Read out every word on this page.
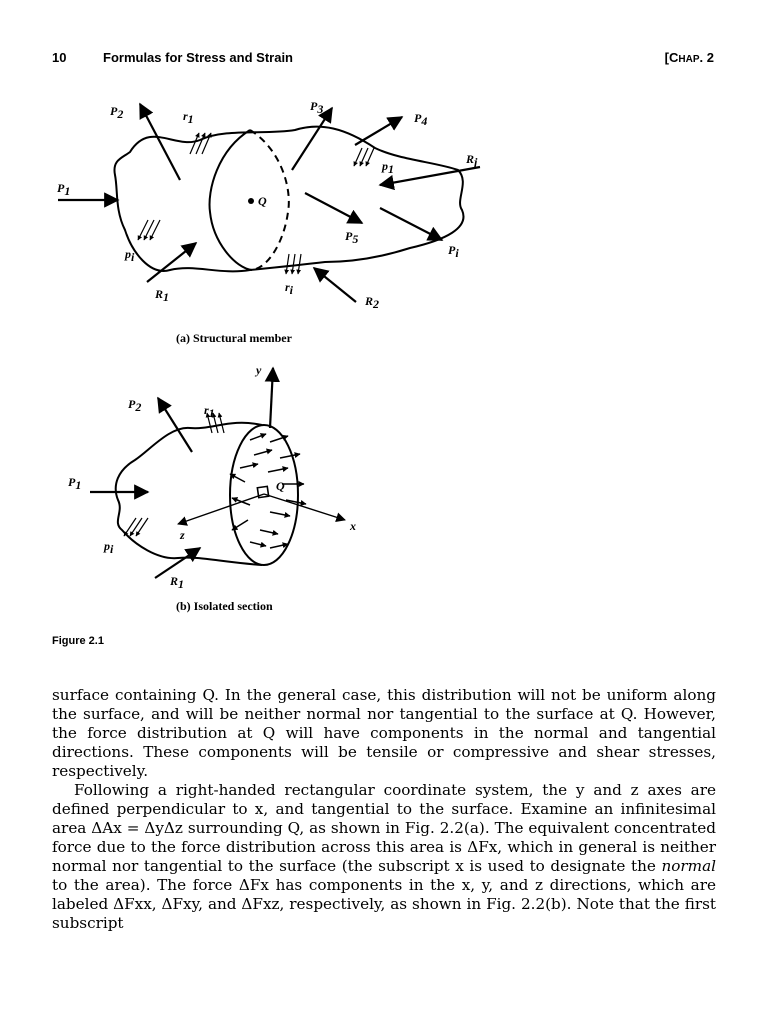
10	Formulas for Stress and Strain	[CHAP. 2
Q
P2	r1
P3
P4
Rj
p1
P1
P5
Pi
pi
R1
ri
R2
Q
y
P2	r1
P1
x
z
pi
R1
(a) Structural member
(b) Isolated section
Figure 2.1

surface containing Q. In the general case, this distribution will not be uniform along the surface, and will be neither normal nor tangential to the surface at Q. However, the force distribution at Q will have components in the normal and tangential directions. These components will be tensile or compressive and shear stresses, respectively.

Following a right-handed rectangular coordinate system, the y and z axes are defined perpendicular to x, and tangential to the surface. Examine an infinitesimal area ΔAx = ΔyΔz surrounding Q, as shown in Fig. 2.2(a). The equivalent concentrated force due to the force distribution across this area is ΔFx, which in general is neither normal nor tangential to the surface (the subscript x is used to designate the normal to the area). The force ΔFx has components in the x, y, and z directions, which are labeled ΔFxx, ΔFxy, and ΔFxz, respectively, as shown in Fig. 2.2(b). Note that the first subscript
